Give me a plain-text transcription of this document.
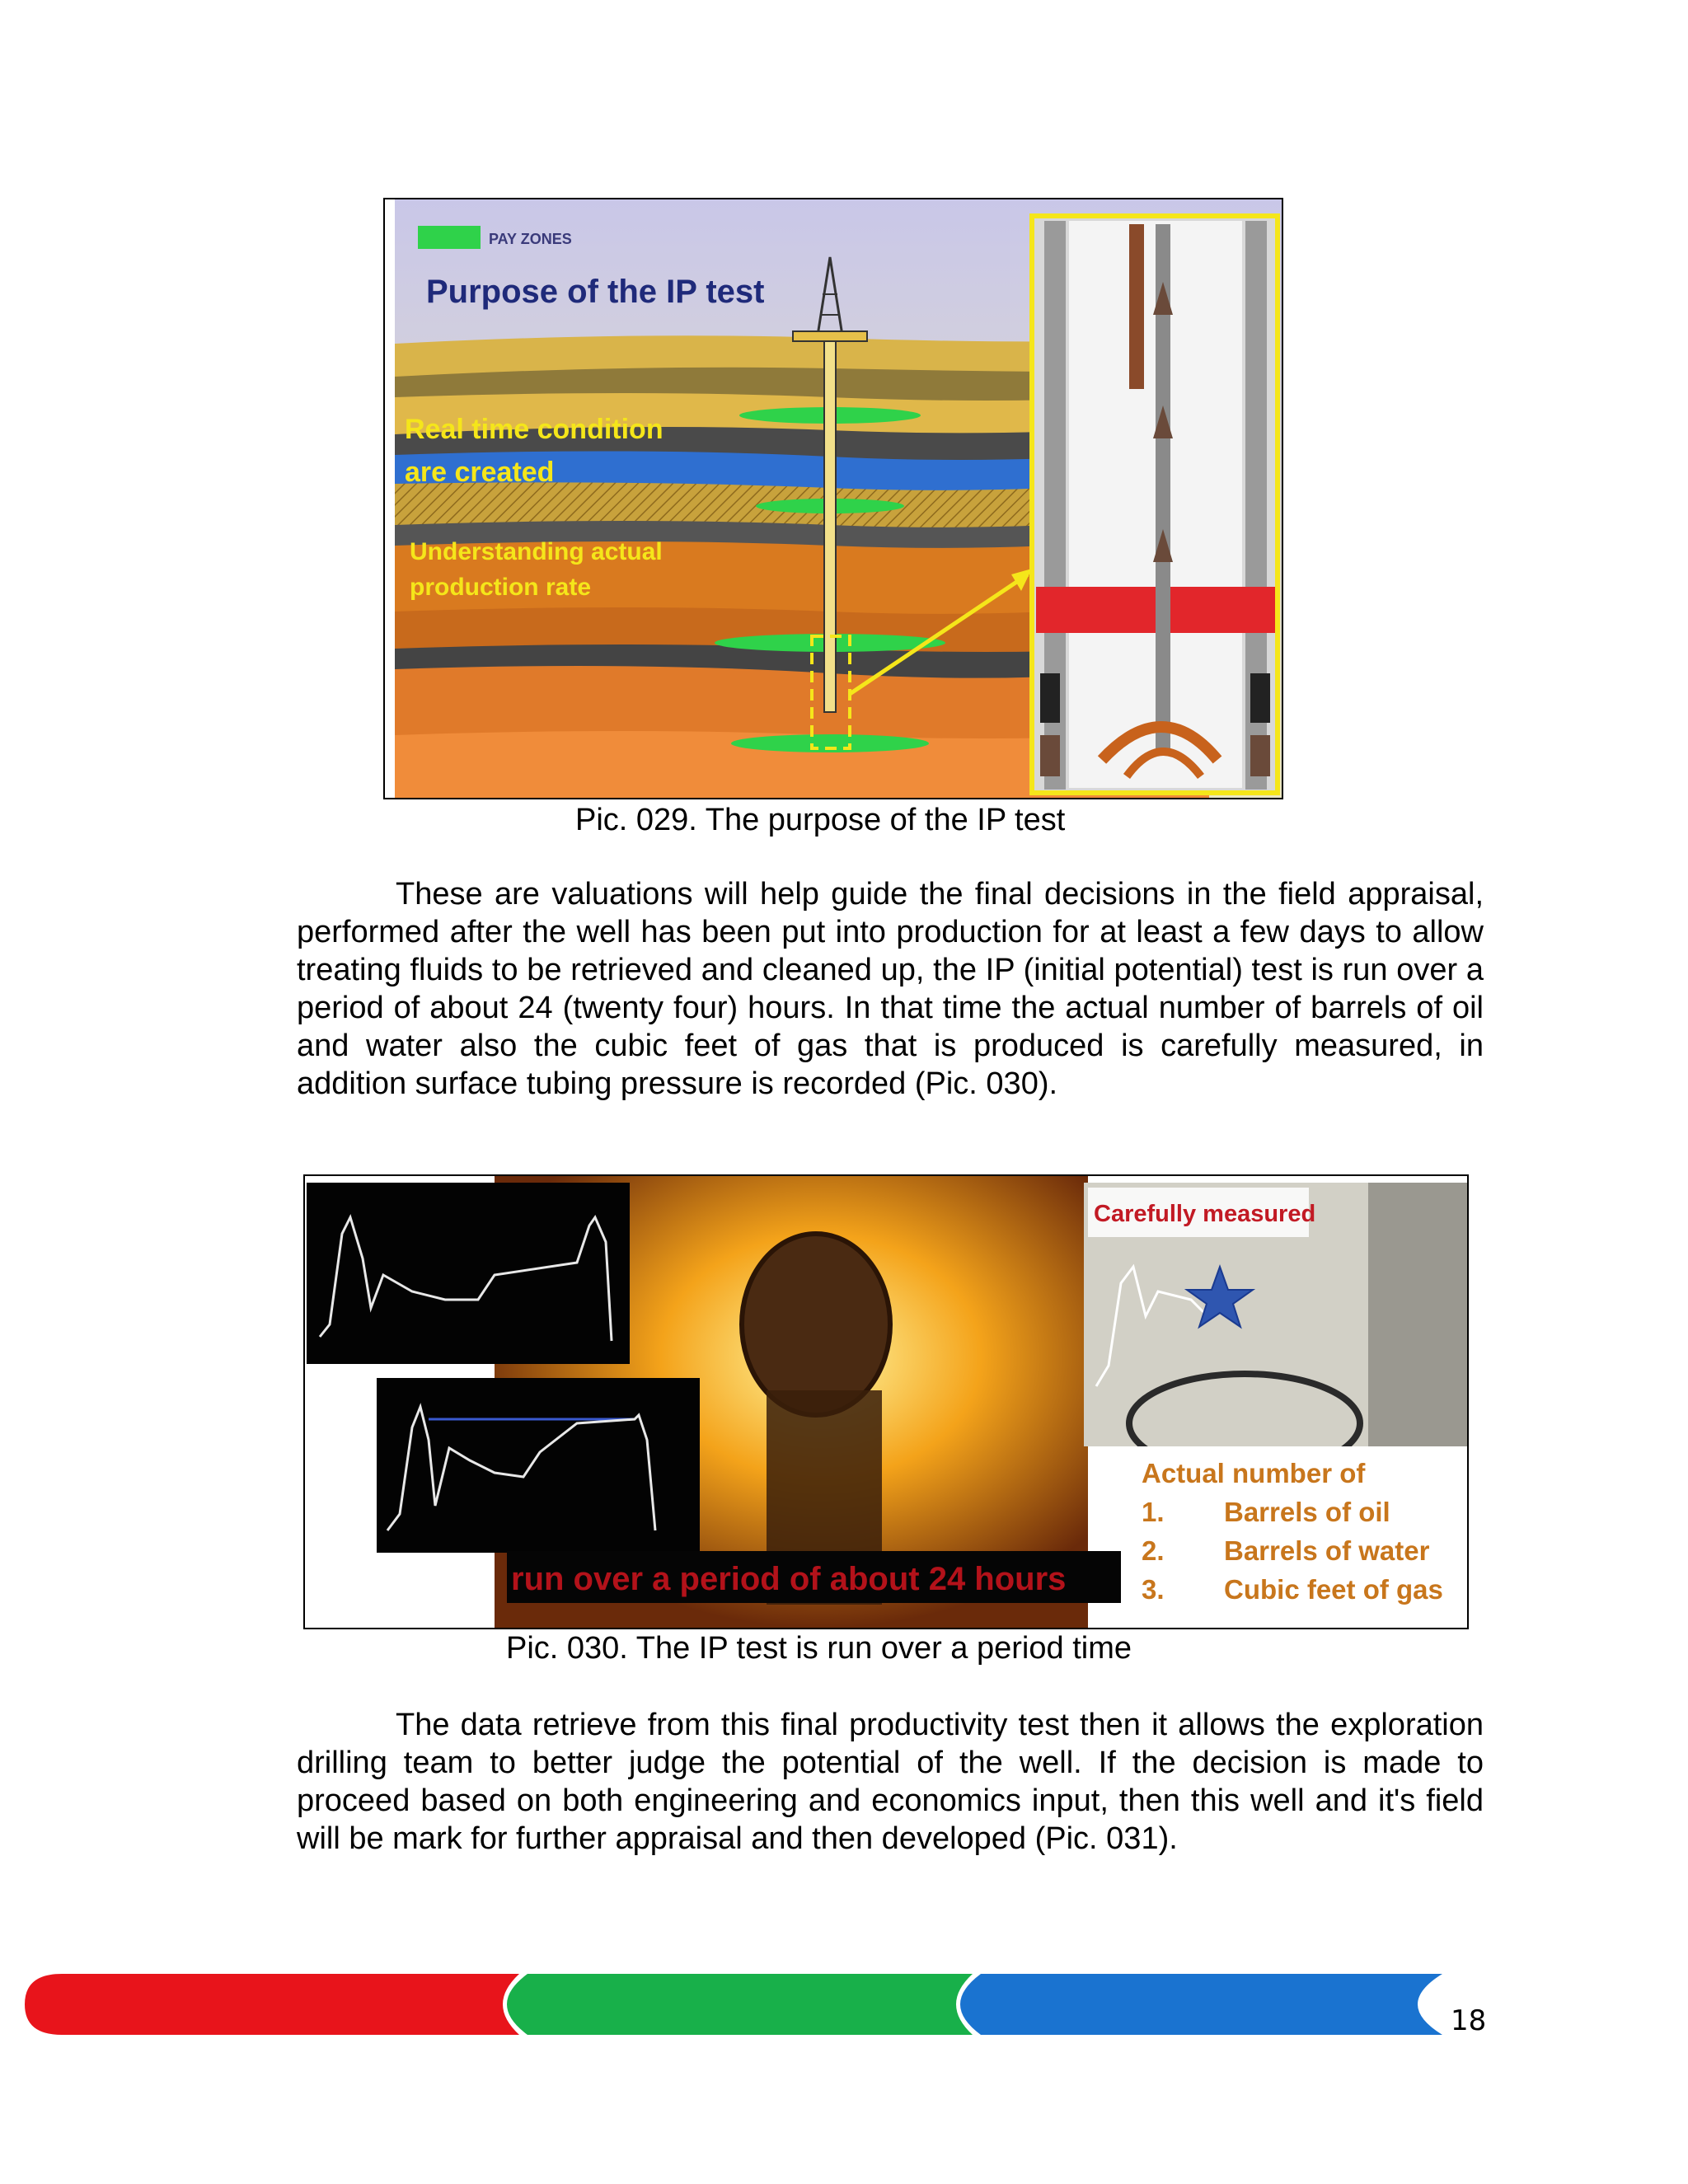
PAY ZONES
Purpose of the IP test
Real time condition
are created
Understanding actual
production rate
Pic. 029. The purpose of the IP test

These are valuations will help guide the final decisions in the field appraisal, performed after the well has been put into production for at least a few days to allow treating fluids to be retrieved and cleaned up, the IP (initial potential) test is run over a period of about 24 (twenty four) hours. In that time the actual number of barrels of oil and water also the cubic feet of gas that is produced is carefully measured, in addition surface tubing pressure is recorded (Pic. 030).

run over a period of about 24 hours
Carefully measured
Actual number of
1. Barrels of oil
2. Barrels of water
3. Cubic feet of gas
Pic. 030. The IP test is run over a period time

The data retrieve from this final productivity test then it allows the exploration drilling team to better judge the potential of the well. If the decision is made to proceed based on both engineering and economics input, then this well and it's field will be mark for further appraisal and then developed (Pic. 031).

18
